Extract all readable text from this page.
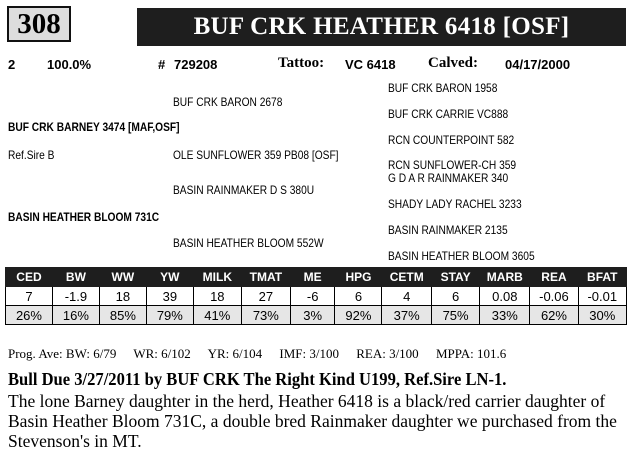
308	BUF CRK HEATHER 6418 [OSF]
2 100.0%	# 729208	Tattoo: VC 6418 Calved: 04/17/2000
BUF CRK BARON 2678
BUF CRK BARNEY 3474 [MAF,OSF]
Ref.Sire B	OLE SUNFLOWER 359 PB08 [OSF]
BASIN RAINMAKER D S 380U
BASIN HEATHER BLOOM 731C
BASIN HEATHER BLOOM 552W
BUF CRK BARON 1958
BUF CRK CARRIE VC888
RCN COUNTERPOINT 582
RCN SUNFLOWER-CH 359
G D A R RAINMAKER 340
SHADY LADY RACHEL 3233
BASIN RAINMAKER 2135
BASIN HEATHER BLOOM 3605
CED	BW	WW	YW	MILK	TMAT	ME	HPG	CETM	STAY	MARB	REA	BFAT
7	-1.9	18	39	18	27	-6	6	4	6	0.08	-0.06	-0.01
26%	16%	85%	79%	41%	73%	3%	92%	37%	75%	33%	62%	30%
Prog. Ave: BW: 6/79 WR: 6/102 YR: 6/104 IMF: 3/100 REA: 3/100 MPPA: 101.6
Bull Due 3/27/2011 by BUF CRK The Right Kind U199, Ref.Sire LN-1.
The lone Barney daughter in the herd, Heather 6418 is a black/red carrier daughter of Basin Heather Bloom 731C, a double bred Rainmaker daughter we purchased from the Stevenson's in MT.
